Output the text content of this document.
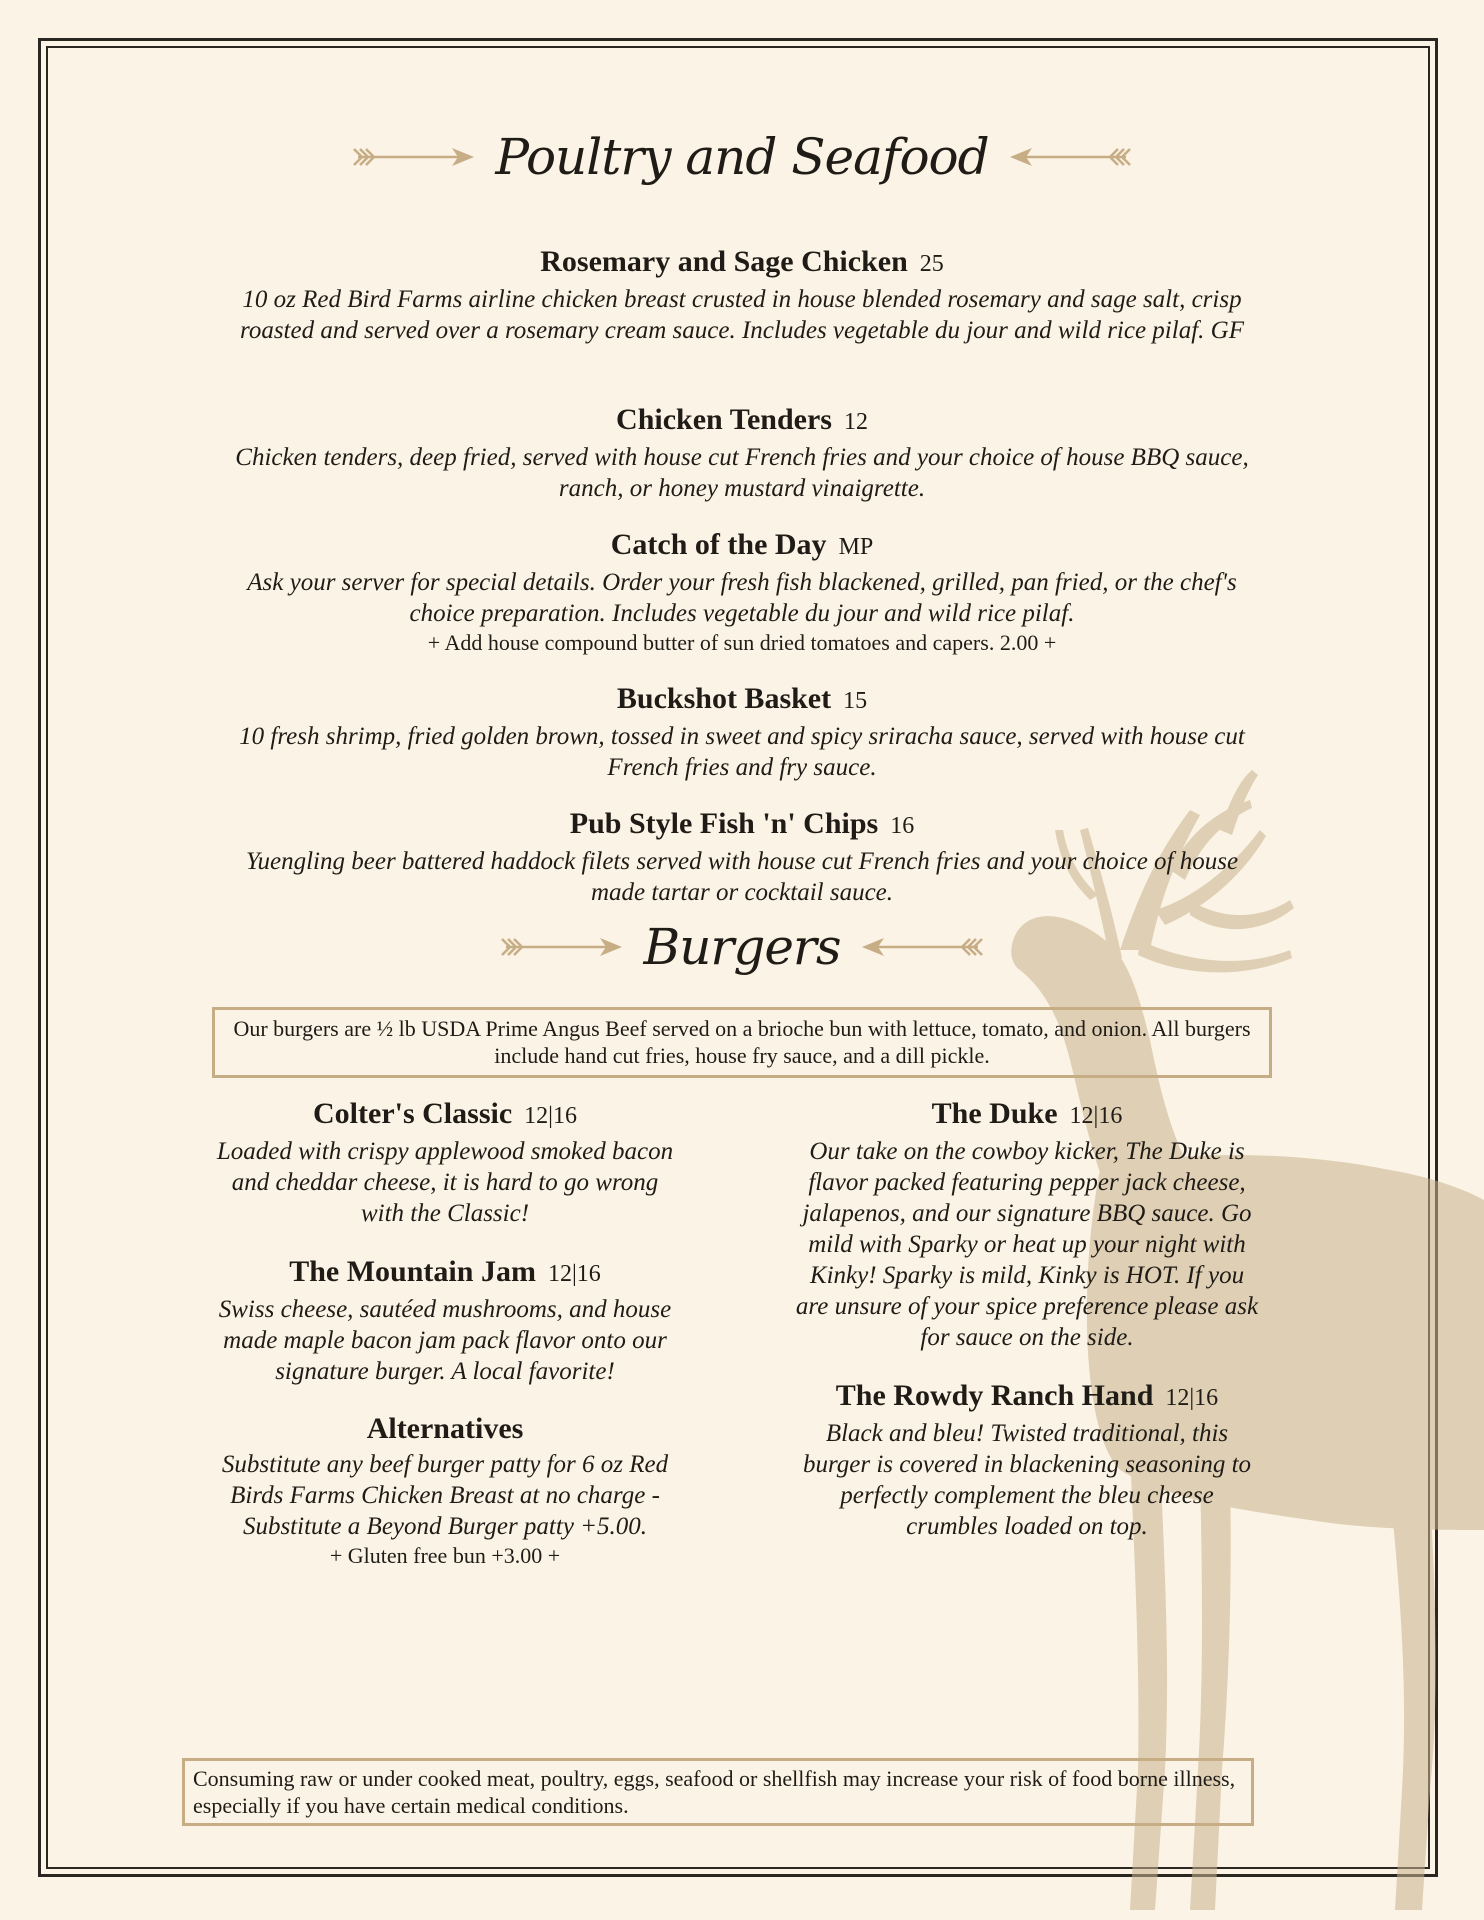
Poultry and Seafood
Rosemary and Sage Chicken 25
10 oz Red Bird Farms airline chicken breast crusted in house blended rosemary and sage salt, crisp roasted and served over a rosemary cream sauce. Includes vegetable du jour and wild rice pilaf. GF
Chicken Tenders 12
Chicken tenders, deep fried, served with house cut French fries and your choice of house BBQ sauce, ranch, or honey mustard vinaigrette.
Catch of the Day MP
Ask your server for special details. Order your fresh fish blackened, grilled, pan fried, or the chef's choice preparation. Includes vegetable du jour and wild rice pilaf.
+ Add house compound butter of sun dried tomatoes and capers. 2.00 +
Buckshot Basket 15
10 fresh shrimp, fried golden brown, tossed in sweet and spicy sriracha sauce, served with house cut French fries and fry sauce.
Pub Style Fish 'n' Chips 16
Yuengling beer battered haddock filets served with house cut French fries and your choice of house made tartar or cocktail sauce.
Burgers
Our burgers are ½ lb USDA Prime Angus Beef served on a brioche bun with lettuce, tomato, and onion. All burgers include hand cut fries, house fry sauce, and a dill pickle.
Colter's Classic 12|16
Loaded with crispy applewood smoked bacon and cheddar cheese, it is hard to go wrong with the Classic!
The Mountain Jam 12|16
Swiss cheese, sautéed mushrooms, and house made maple bacon jam pack flavor onto our signature burger. A local favorite!
Alternatives
Substitute any beef burger patty for 6 oz Red Birds Farms Chicken Breast at no charge - Substitute a Beyond Burger patty +5.00.
+ Gluten free bun +3.00 +
The Duke 12|16
Our take on the cowboy kicker, The Duke is flavor packed featuring pepper jack cheese, jalapenos, and our signature BBQ sauce. Go mild with Sparky or heat up your night with Kinky! Sparky is mild, Kinky is HOT. If you are unsure of your spice preference please ask for sauce on the side.
The Rowdy Ranch Hand 12|16
Black and bleu! Twisted traditional, this burger is covered in blackening seasoning to perfectly complement the bleu cheese crumbles loaded on top.
Consuming raw or under cooked meat, poultry, eggs, seafood or shellfish may increase your risk of food borne illness, especially if you have certain medical conditions.
